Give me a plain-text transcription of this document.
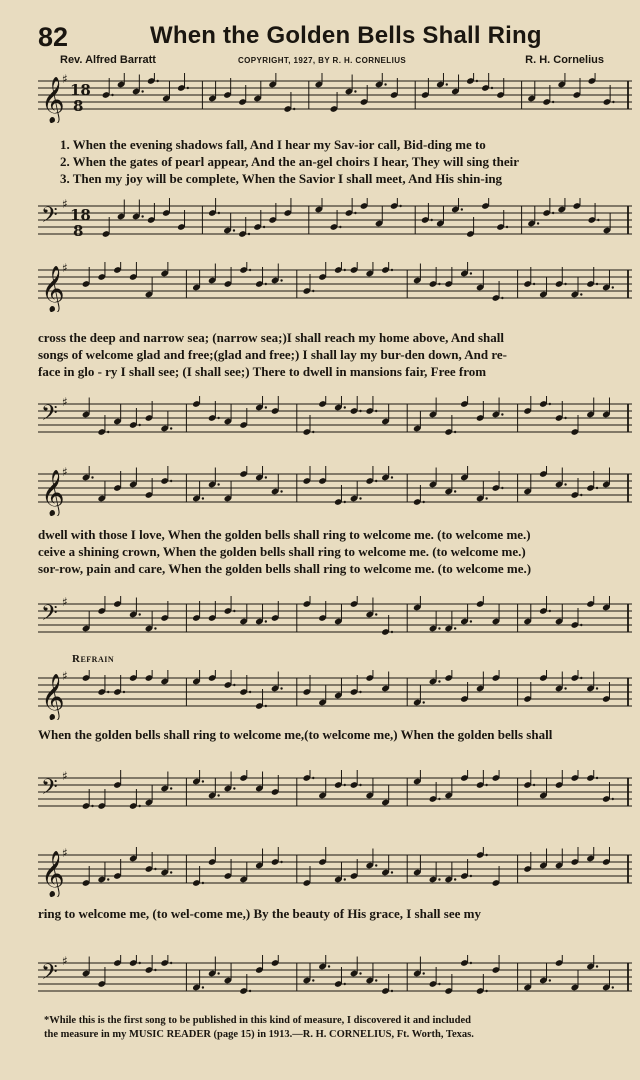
82	When the Golden Bells Shall Ring
Rev. Alfred Barratt	COPYRIGHT, 1927, BY R. H. CORNELIUS	R. H. Cornelius
𝄞
♯
18
8
1. When the evening shadows fall, And I hear my Sav-ior call, Bid-ding me to
2. When the gates of pearl appear, And the an-gel choirs I hear, They will sing their
3. Then my joy will be complete, When the Savior I shall meet, And His shin-ing
𝄢 ♯
18
8
𝄞
♯
cross the deep and narrow sea; (narrow sea;)I shall reach my home above, And shall
songs of welcome glad and free;(glad and free;) I shall lay my bur-den down, And re-
face in glo - ry I shall see; (I shall see;) There to dwell in mansions fair, Free from
𝄢 ♯
𝄞
♯
dwell with those I love, When the golden bells shall ring to welcome me. (to welcome me.)
ceive a shining crown, When the golden bells shall ring to welcome me. (to welcome me.)
sor-row, pain and care, When the golden bells shall ring to welcome me. (to welcome me.)
𝄢 ♯
Refrain
𝄞
♯
When the golden bells shall ring to welcome me,(to welcome me,) When the golden bells shall
𝄢 ♯
𝄞
♯
ring to welcome me, (to wel-come me,) By the beauty of His grace, I shall see my
𝄢 ♯
*While this is the first song to be published in this kind of measure, I discovered it and included
the measure in my MUSIC READER (page 15) in 1913.—R. H. CORNELIUS, Ft. Worth, Texas.
